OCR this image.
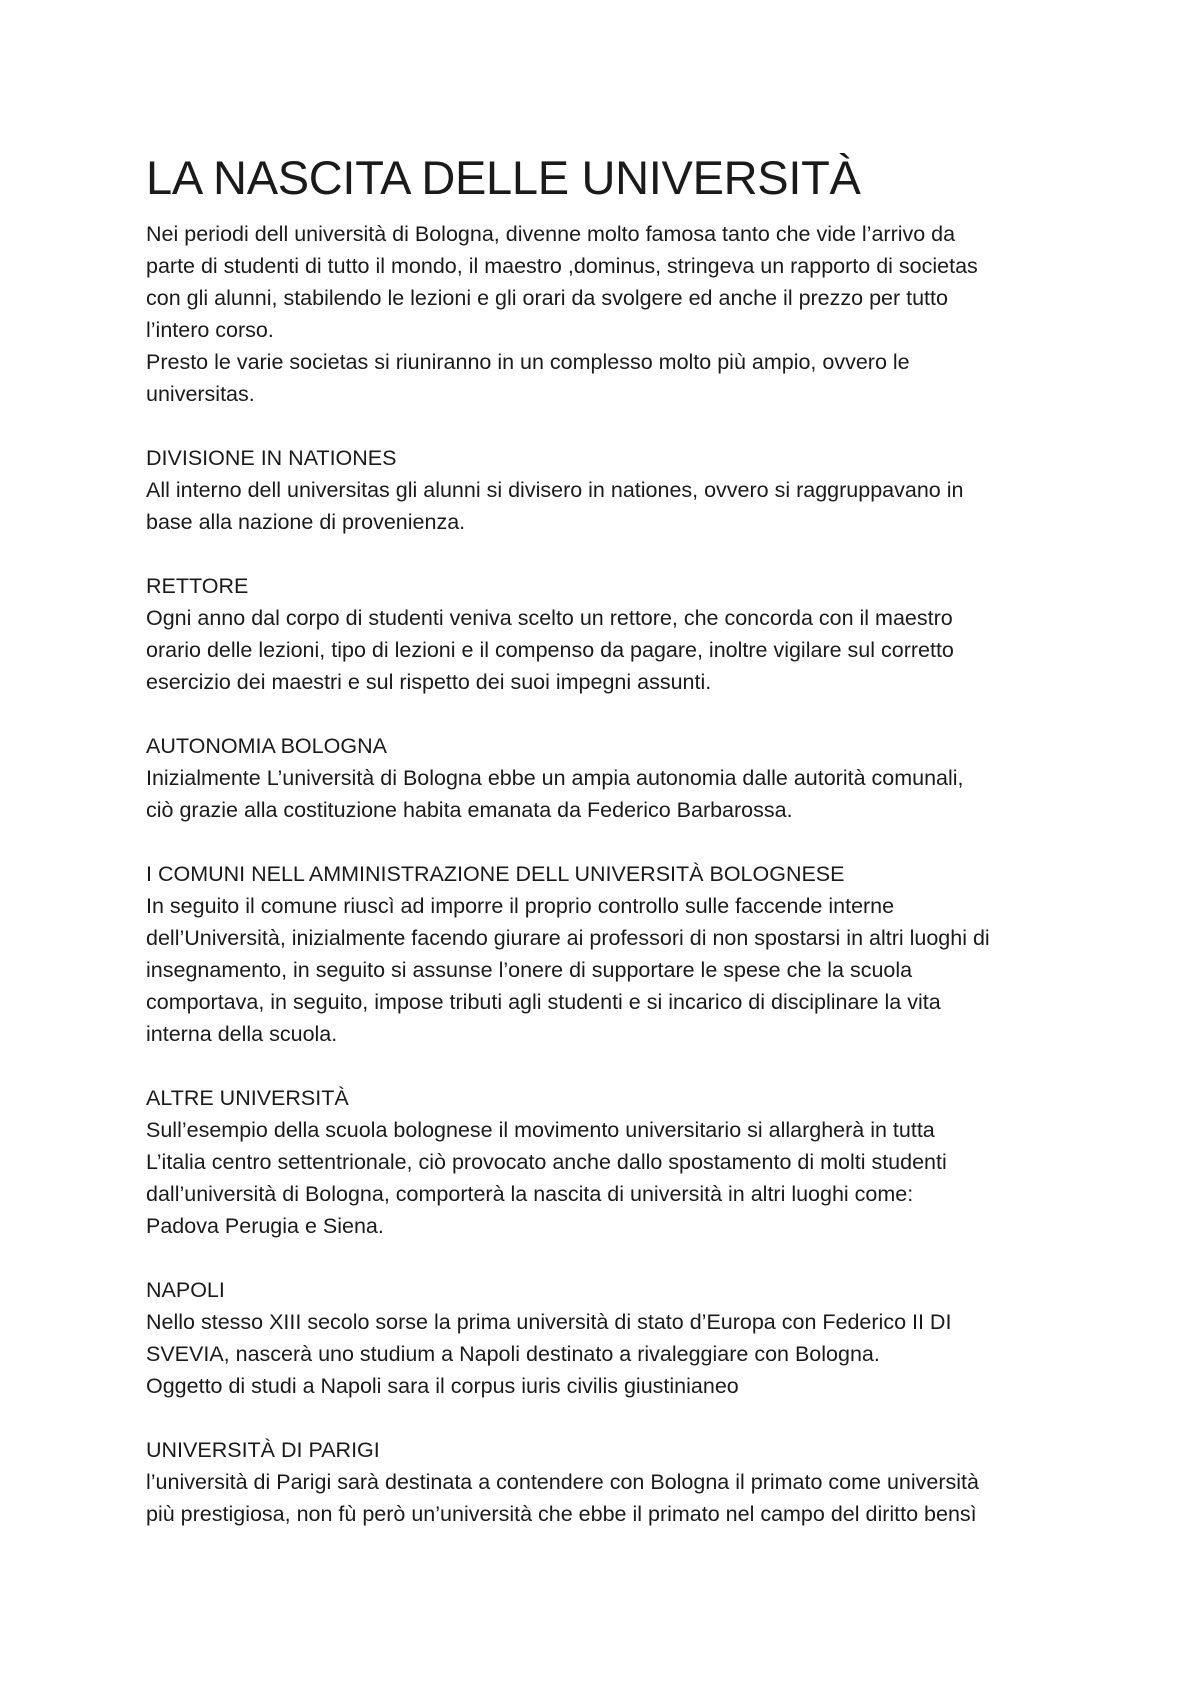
LA NASCITA DELLE UNIVERSITÀ

Nei periodi dell università di Bologna, divenne molto famosa tanto che vide l’arrivo da
parte di studenti di tutto il mondo, il maestro ,dominus, stringeva un rapporto di societas
con gli alunni, stabilendo le lezioni e gli orari da svolgere ed anche il prezzo per tutto
l’intero corso.

Presto le varie societas si riuniranno in un complesso molto più ampio, ovvero le
universitas.

DIVISIONE IN NATIONES

All interno dell universitas gli alunni si divisero in nationes, ovvero si raggruppavano in
base alla nazione di provenienza.

RETTORE

Ogni anno dal corpo di studenti veniva scelto un rettore, che concorda con il maestro
orario delle lezioni, tipo di lezioni e il compenso da pagare, inoltre vigilare sul corretto
esercizio dei maestri e sul rispetto dei suoi impegni assunti.

AUTONOMIA BOLOGNA

Inizialmente L’università di Bologna ebbe un ampia autonomia dalle autorità comunali,
ciò grazie alla costituzione habita emanata da Federico Barbarossa.

I COMUNI NELL AMMINISTRAZIONE DELL UNIVERSITÀ BOLOGNESE

In seguito il comune riuscì ad imporre il proprio controllo sulle faccende interne
dell’Università, inizialmente facendo giurare ai professori di non spostarsi in altri luoghi di
insegnamento, in seguito si assunse l’onere di supportare le spese che la scuola
comportava, in seguito, impose tributi agli studenti e si incarico di disciplinare la vita
interna della scuola.

ALTRE UNIVERSITÀ

Sull’esempio della scuola bolognese il movimento universitario si allargherà in tutta
L’italia centro settentrionale, ciò provocato anche dallo spostamento di molti studenti
dall’università di Bologna, comporterà la nascita di università in altri luoghi come:
Padova Perugia e Siena.

NAPOLI

Nello stesso XIII secolo sorse la prima università di stato d’Europa con Federico II DI
SVEVIA, nascerà uno studium a Napoli destinato a rivaleggiare con Bologna.
Oggetto di studi a Napoli sara il corpus iuris civilis giustinianeo

UNIVERSITÀ DI PARIGI

l’università di Parigi sarà destinata a contendere con Bologna il primato come università
più prestigiosa, non fù però un’università che ebbe il primato nel campo del diritto bensì
